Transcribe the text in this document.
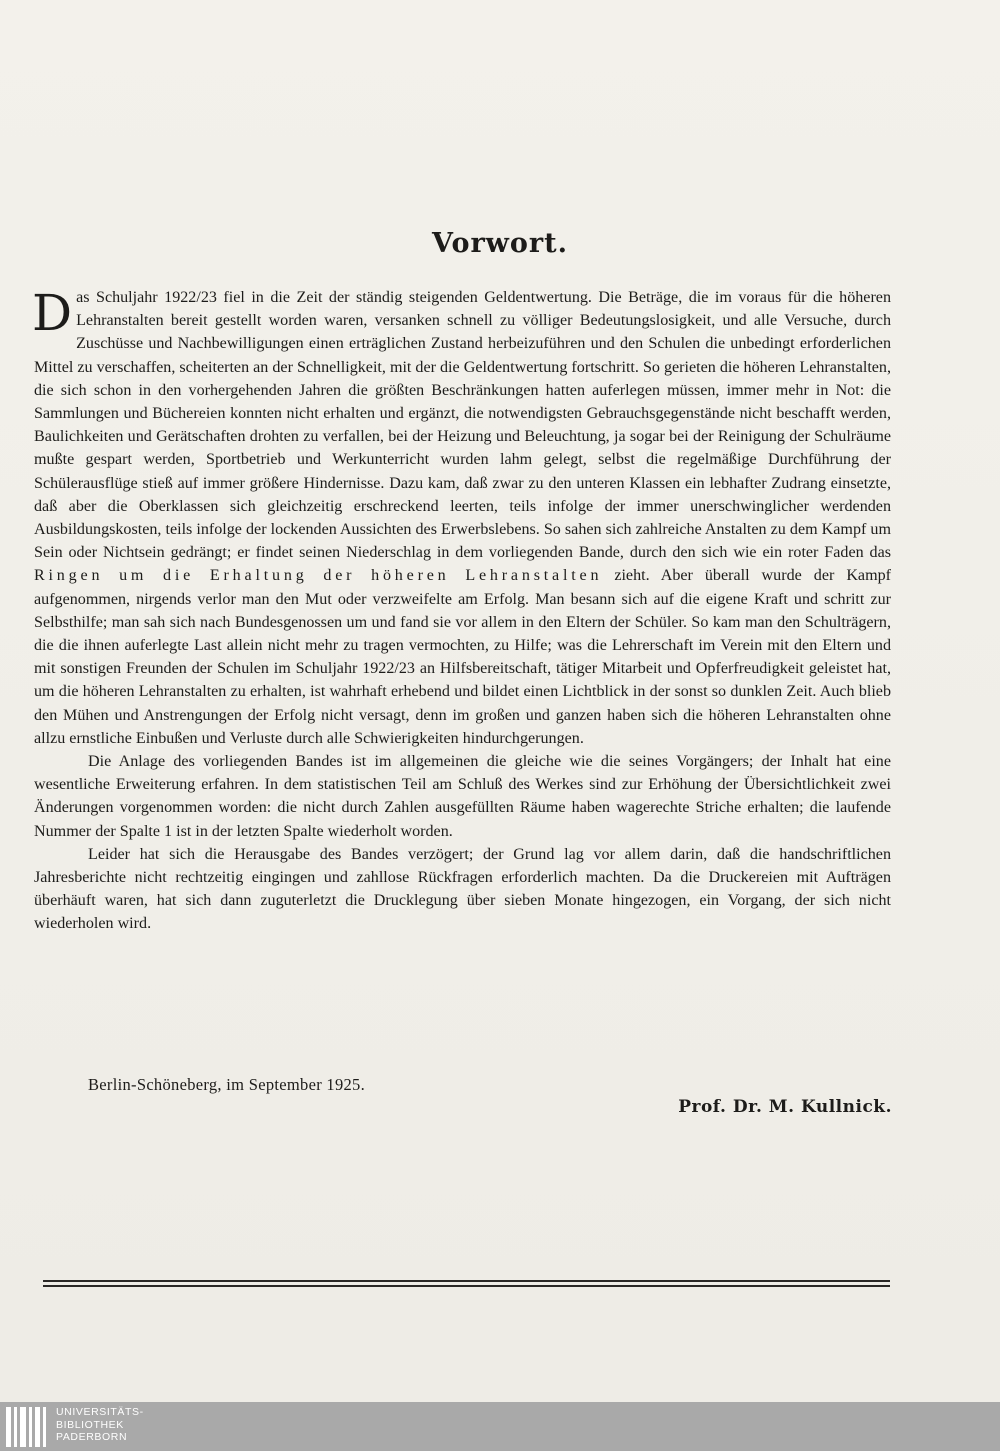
Vorwort.

Das Schuljahr 1922/23 fiel in die Zeit der ständig steigenden Geldentwertung. Die Beträge, die im voraus für die höheren Lehranstalten bereit gestellt worden waren, versanken schnell zu völliger Bedeutungslosigkeit, und alle Versuche, durch Zuschüsse und Nachbewilligungen einen erträglichen Zustand herbeizuführen und den Schulen die unbedingt erforderlichen Mittel zu verschaffen, scheiterten an der Schnelligkeit, mit der die Geldentwertung fortschritt. So gerieten die höheren Lehranstalten, die sich schon in den vorhergehenden Jahren die größten Beschränkungen hatten auferlegen müssen, immer mehr in Not: die Sammlungen und Büchereien konnten nicht erhalten und ergänzt, die notwendigsten Gebrauchsgegenstände nicht beschafft werden, Baulichkeiten und Gerätschaften drohten zu verfallen, bei der Heizung und Beleuchtung, ja sogar bei der Reinigung der Schulräume mußte gespart werden, Sportbetrieb und Werkunterricht wurden lahm gelegt, selbst die regelmäßige Durchführung der Schülerausflüge stieß auf immer größere Hindernisse. Dazu kam, daß zwar zu den unteren Klassen ein lebhafter Zudrang einsetzte, daß aber die Oberklassen sich gleichzeitig erschreckend leerten, teils infolge der immer unerschwinglicher werdenden Ausbildungskosten, teils infolge der lockenden Aussichten des Erwerbslebens. So sahen sich zahlreiche Anstalten zu dem Kampf um Sein oder Nichtsein gedrängt; er findet seinen Niederschlag in dem vorliegenden Bande, durch den sich wie ein roter Faden das Ringen um die Erhaltung der höheren Lehranstalten zieht. Aber überall wurde der Kampf aufgenommen, nirgends verlor man den Mut oder verzweifelte am Erfolg. Man besann sich auf die eigene Kraft und schritt zur Selbsthilfe; man sah sich nach Bundesgenossen um und fand sie vor allem in den Eltern der Schüler. So kam man den Schulträgern, die die ihnen auferlegte Last allein nicht mehr zu tragen vermochten, zu Hilfe; was die Lehrerschaft im Verein mit den Eltern und mit sonstigen Freunden der Schulen im Schuljahr 1922/23 an Hilfsbereitschaft, tätiger Mitarbeit und Opferfreudigkeit geleistet hat, um die höheren Lehranstalten zu erhalten, ist wahrhaft erhebend und bildet einen Lichtblick in der sonst so dunklen Zeit. Auch blieb den Mühen und Anstrengungen der Erfolg nicht versagt, denn im großen und ganzen haben sich die höheren Lehranstalten ohne allzu ernstliche Einbußen und Verluste durch alle Schwierigkeiten hindurchgerungen.

Die Anlage des vorliegenden Bandes ist im allgemeinen die gleiche wie die seines Vorgängers; der Inhalt hat eine wesentliche Erweiterung erfahren. In dem statistischen Teil am Schluß des Werkes sind zur Erhöhung der Übersichtlichkeit zwei Änderungen vorgenommen worden: die nicht durch Zahlen ausgefüllten Räume haben wagerechte Striche erhalten; die laufende Nummer der Spalte 1 ist in der letzten Spalte wiederholt worden.

Leider hat sich die Herausgabe des Bandes verzögert; der Grund lag vor allem darin, daß die handschriftlichen Jahresberichte nicht rechtzeitig eingingen und zahllose Rückfragen erforderlich machten. Da die Druckereien mit Aufträgen überhäuft waren, hat sich dann zuguterletzt die Drucklegung über sieben Monate hingezogen, ein Vorgang, der sich nicht wiederholen wird.

Berlin-Schöneberg, im September 1925.
Prof. Dr. M. Kullnick.
UNIVERSITÄTS-
BIBLIOTHEK
PADERBORN
